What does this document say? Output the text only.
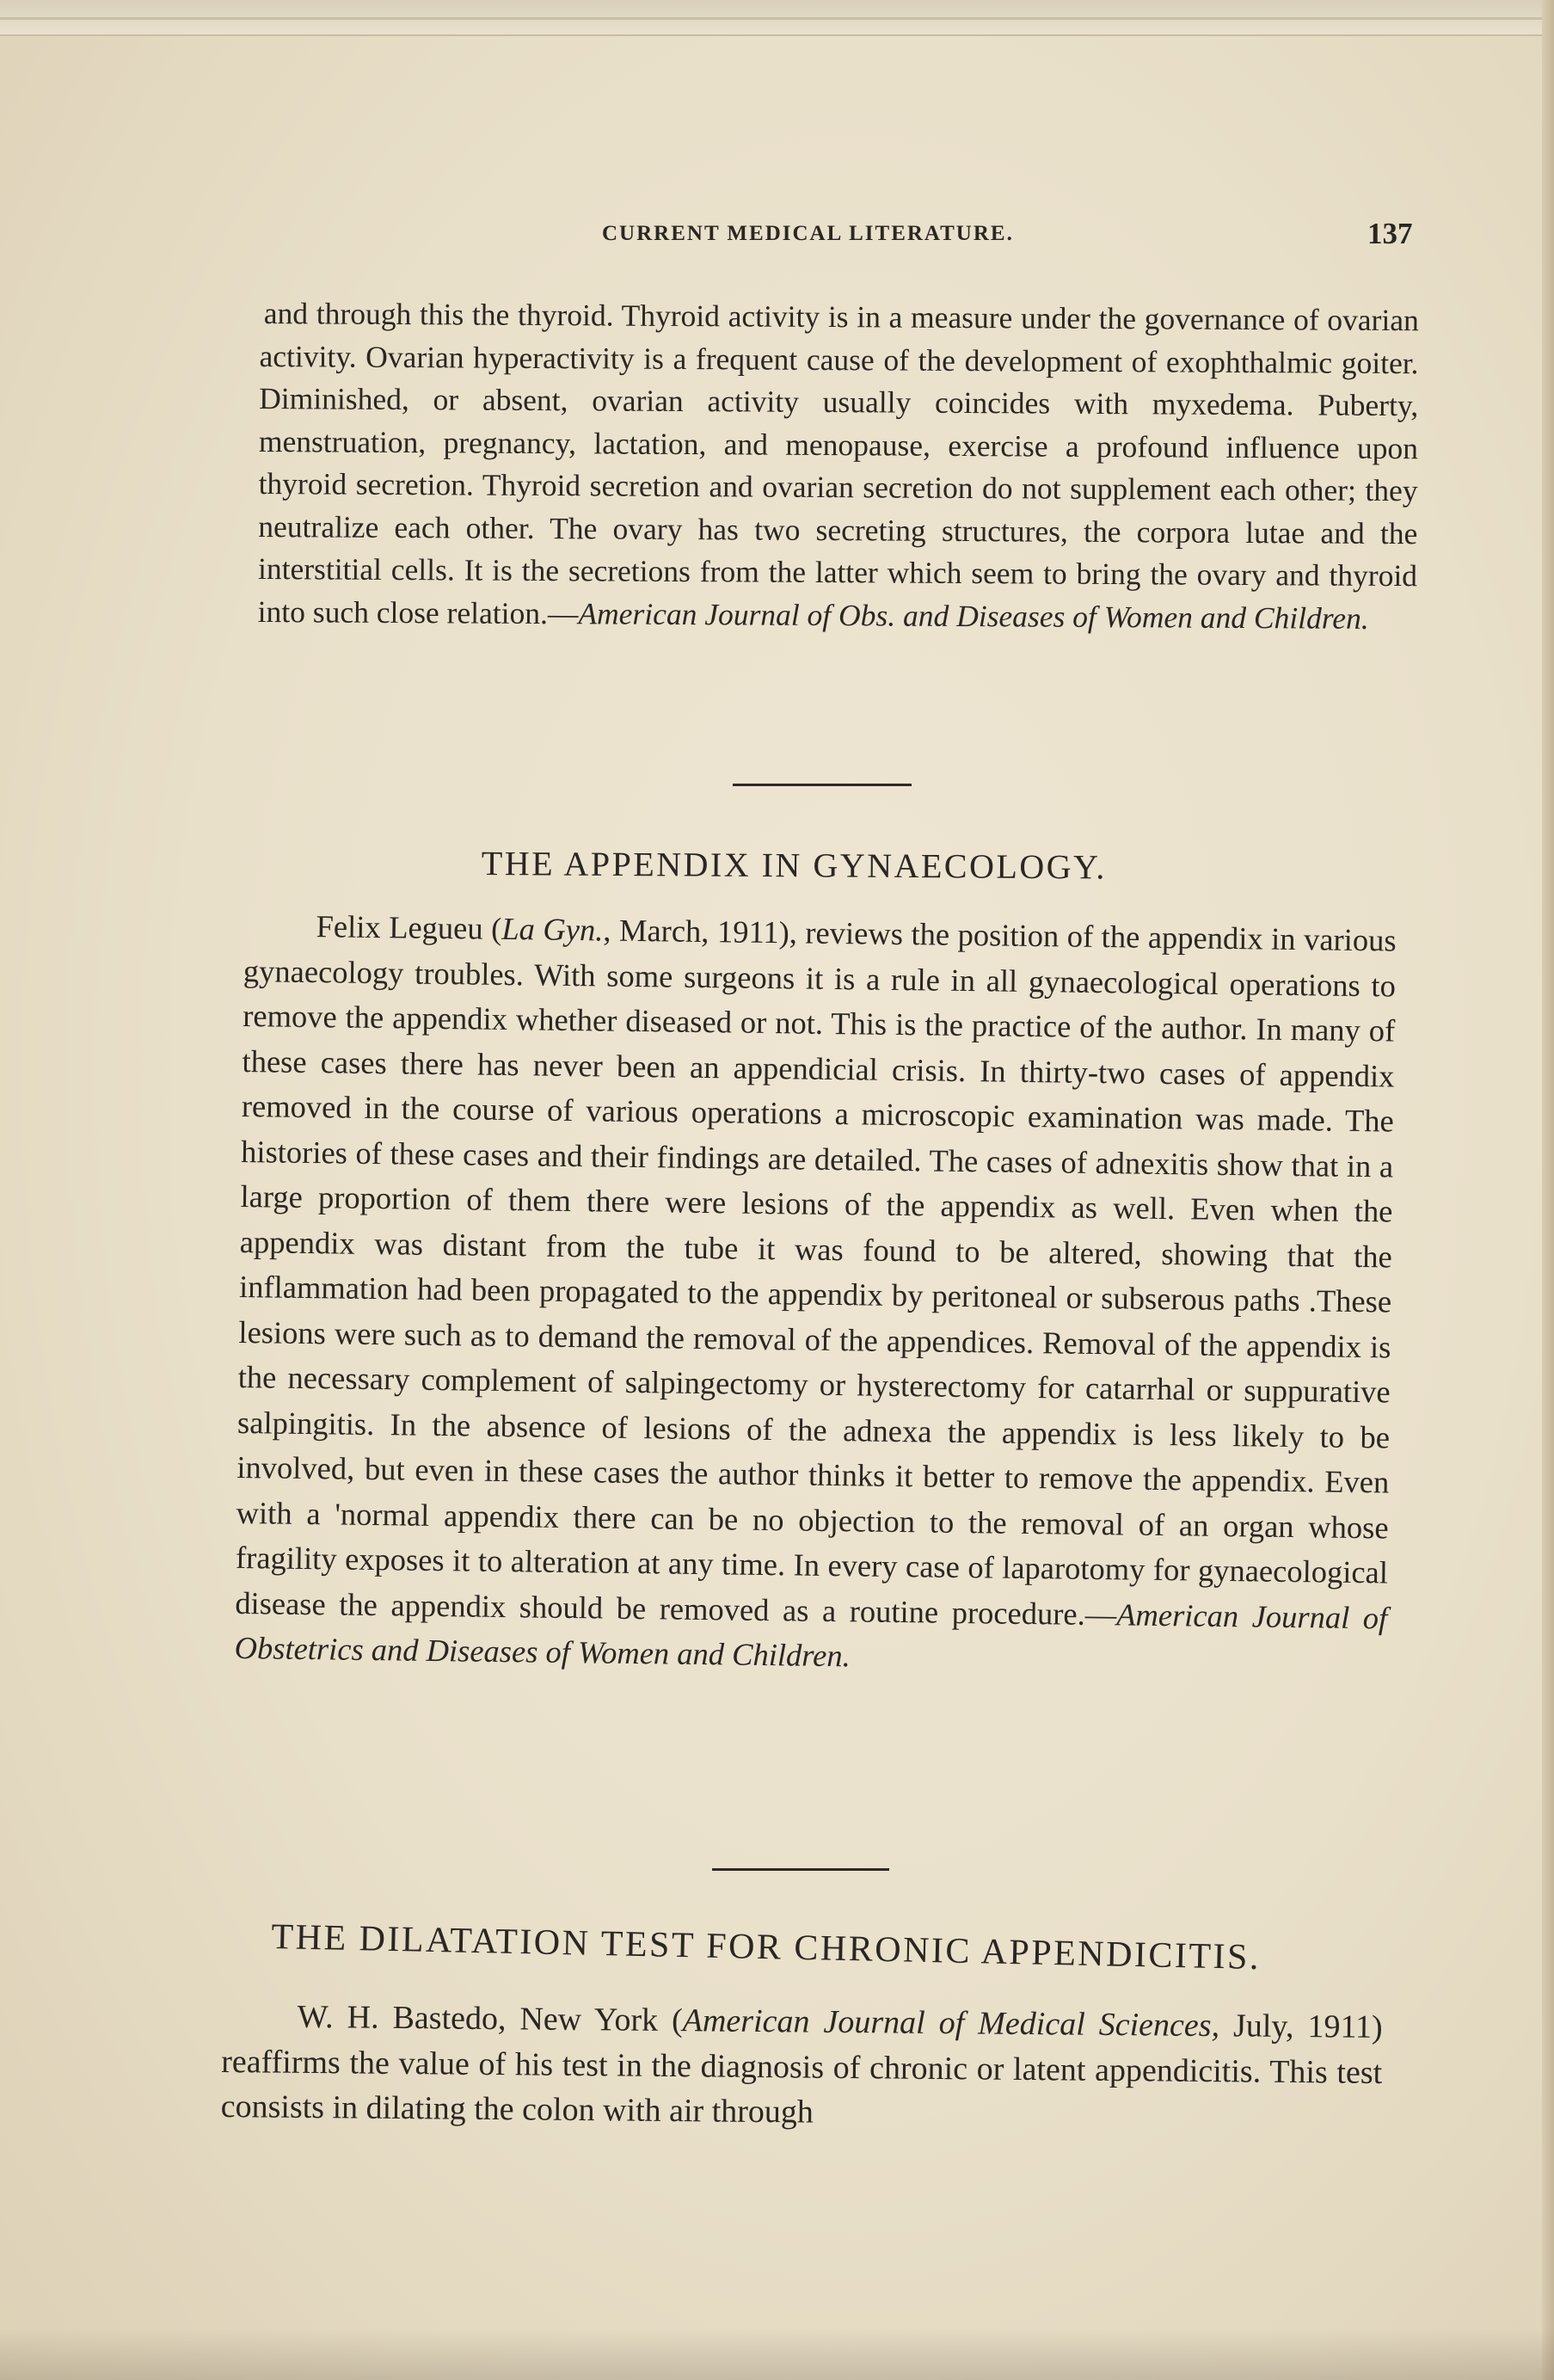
CURRENT MEDICAL LITERATURE.	137

and through this the thyroid. Thyroid activity is in a measure under the governance of ovarian activity. Ovarian hyperactivity is a frequent cause of the development of exophthalmic goiter. Diminished, or absent, ovarian activity usually coincides with myxedema. Puberty, menstruation, pregnancy, lactation, and menopause, exercise a profound influence upon thyroid secretion. Thyroid secretion and ovarian secretion do not supplement each other; they neutralize each other. The ovary has two secreting structures, the corpora lutae and the interstitial cells. It is the secretions from the latter which seem to bring the ovary and thyroid into such close relation.—American Journal of Obs. and Diseases of Women and Children.

THE APPENDIX IN GYNAECOLOGY.

Felix Legueu (La Gyn., March, 1911), reviews the position of the appendix in various gynaecology troubles. With some surgeons it is a rule in all gynaecological operations to remove the appendix whether diseased or not. This is the practice of the author. In many of these cases there has never been an appendicial crisis. In thirty-two cases of appendix removed in the course of various operations a microscopic examination was made. The histories of these cases and their findings are detailed. The cases of adnexitis show that in a large proportion of them there were lesions of the appendix as well. Even when the appendix was distant from the tube it was found to be altered, showing that the inflammation had been propagated to the appendix by peritoneal or subserous paths .These lesions were such as to demand the removal of the appendices. Removal of the appendix is the necessary complement of salpingectomy or hysterectomy for catarrhal or suppurative salpingitis. In the absence of lesions of the adnexa the appendix is less likely to be involved, but even in these cases the author thinks it better to remove the appendix. Even with a 'normal appendix there can be no objection to the removal of an organ whose fragility exposes it to alteration at any time. In every case of laparotomy for gynaecological disease the appendix should be removed as a routine procedure.—American Journal of Obstetrics and Diseases of Women and Children.

THE DILATATION TEST FOR CHRONIC APPENDICITIS.

W. H. Bastedo, New York (American Journal of Medical Sciences, July, 1911) reaffirms the value of his test in the diagnosis of chronic or latent appendicitis. This test consists in dilating the colon with air through
